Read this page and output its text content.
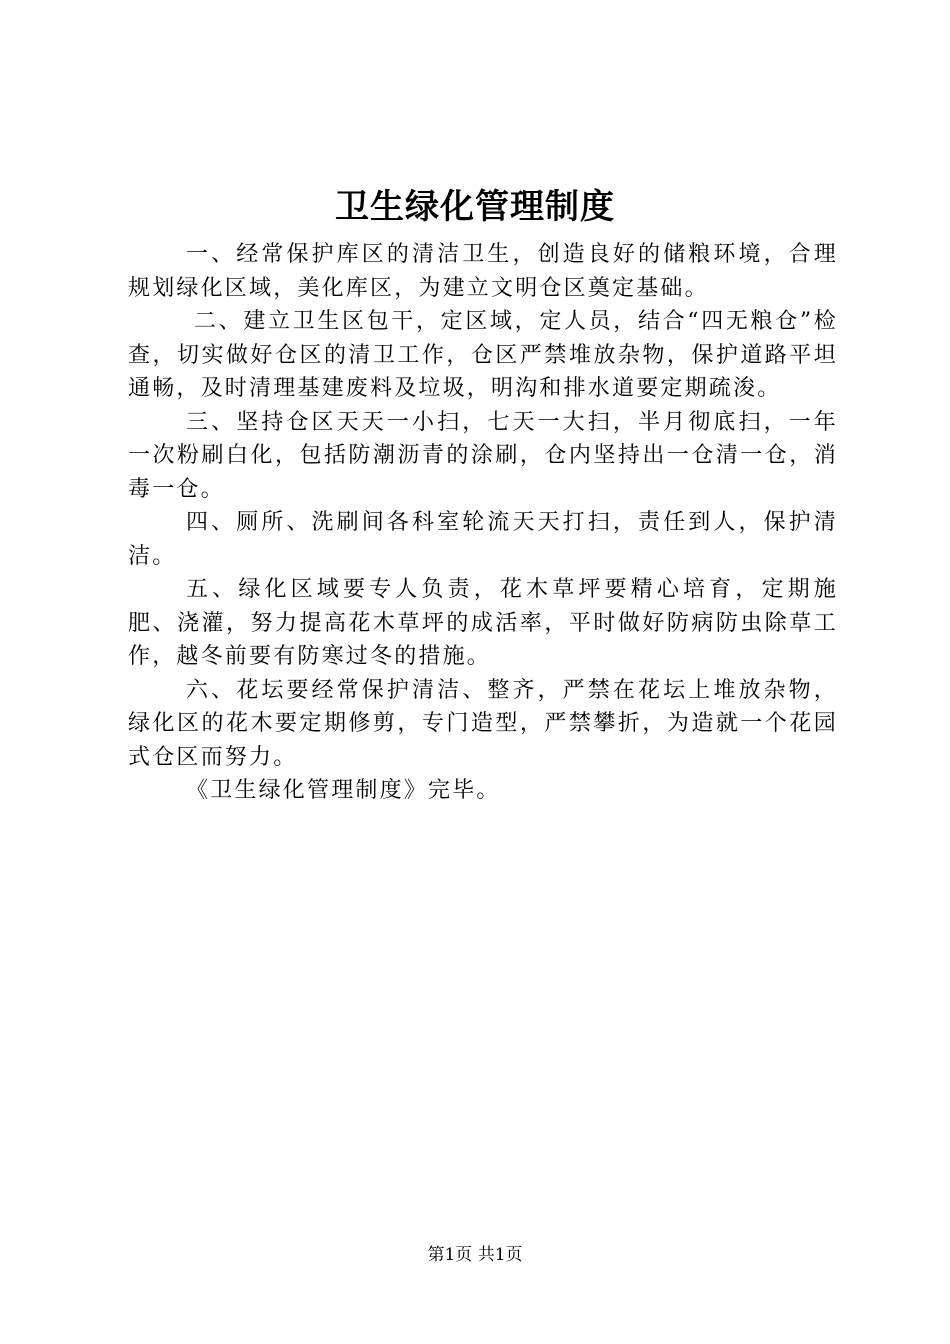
卫生绿化管理制度

一、经常保护库区的清洁卫生，创造良好的储粮环境，合理规划绿化区域，美化库区，为建立文明仓区奠定基础。

二、建立卫生区包干，定区域，定人员，结合“四无粮仓”检查，切实做好仓区的清卫工作，仓区严禁堆放杂物，保护道路平坦通畅，及时清理基建废料及垃圾，明沟和排水道要定期疏浚。

三、坚持仓区天天一小扫，七天一大扫，半月彻底扫，一年一次粉刷白化，包括防潮沥青的涂刷，仓内坚持出一仓清一仓，消毒一仓。

四、厕所、洗刷间各科室轮流天天打扫，责任到人，保护清洁。

五、绿化区域要专人负责，花木草坪要精心培育，定期施肥、浇灌，努力提高花木草坪的成活率，平时做好防病防虫除草工作，越冬前要有防寒过冬的措施。

六、花坛要经常保护清洁、整齐，严禁在花坛上堆放杂物，绿化区的花木要定期修剪，专门造型，严禁攀折，为造就一个花园式仓区而努力。

《卫生绿化管理制度》完毕。

第1页 共1页
